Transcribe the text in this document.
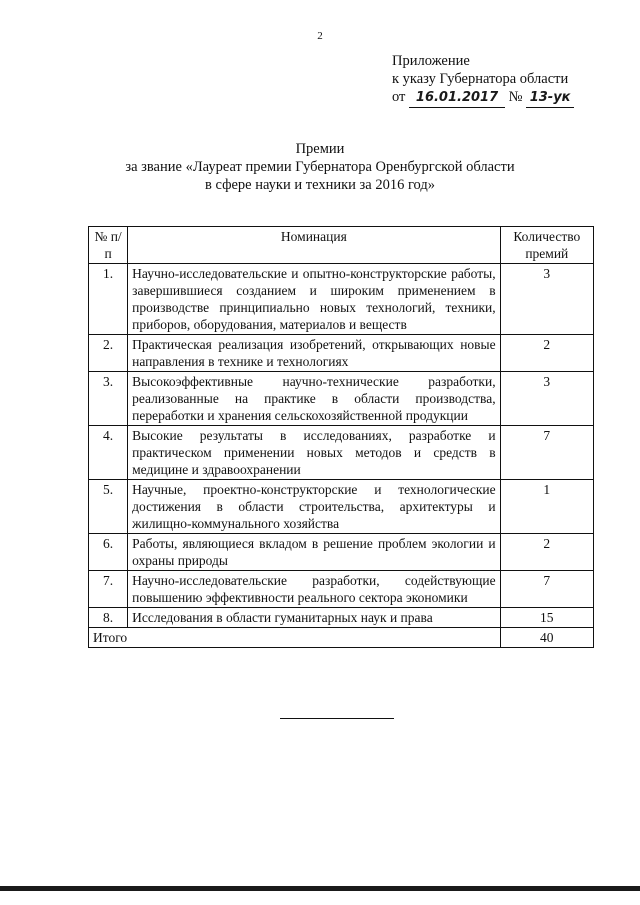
2
Приложение
к указу Губернатора области
от 16.01.2017 № 13-ук
Премии
за звание «Лауреат премии Губернатора Оренбургской области
в сфере науки и техники за 2016 год»
№ п/п	Номинация	Количество премий
1.	Научно-исследовательские и опытно-конструкторские работы, завершившиеся созданием и широким применением в производстве принципиально новых технологий, техники, приборов, оборудования, материалов и веществ	3
2.	Практическая реализация изобретений, открывающих новые направления в технике и технологиях	2
3.	Высокоэффективные научно-технические разработки, реализованные на практике в области производства, переработки и хранения сельскохозяйственной продукции	3
4.	Высокие результаты в исследованиях, разработке и практическом применении новых методов и средств в медицине и здравоохранении	7
5.	Научные, проектно-конструкторские и технологические достижения в области строительства, архитектуры и жилищно-коммунального хозяйства	1
6.	Работы, являющиеся вкладом в решение проблем экологии и охраны природы	2
7.	Научно-исследовательские разработки, содействующие повышению эффективности реального сектора экономики	7
8.	Исследования в области гуманитарных наук и права	15
Итого		40
